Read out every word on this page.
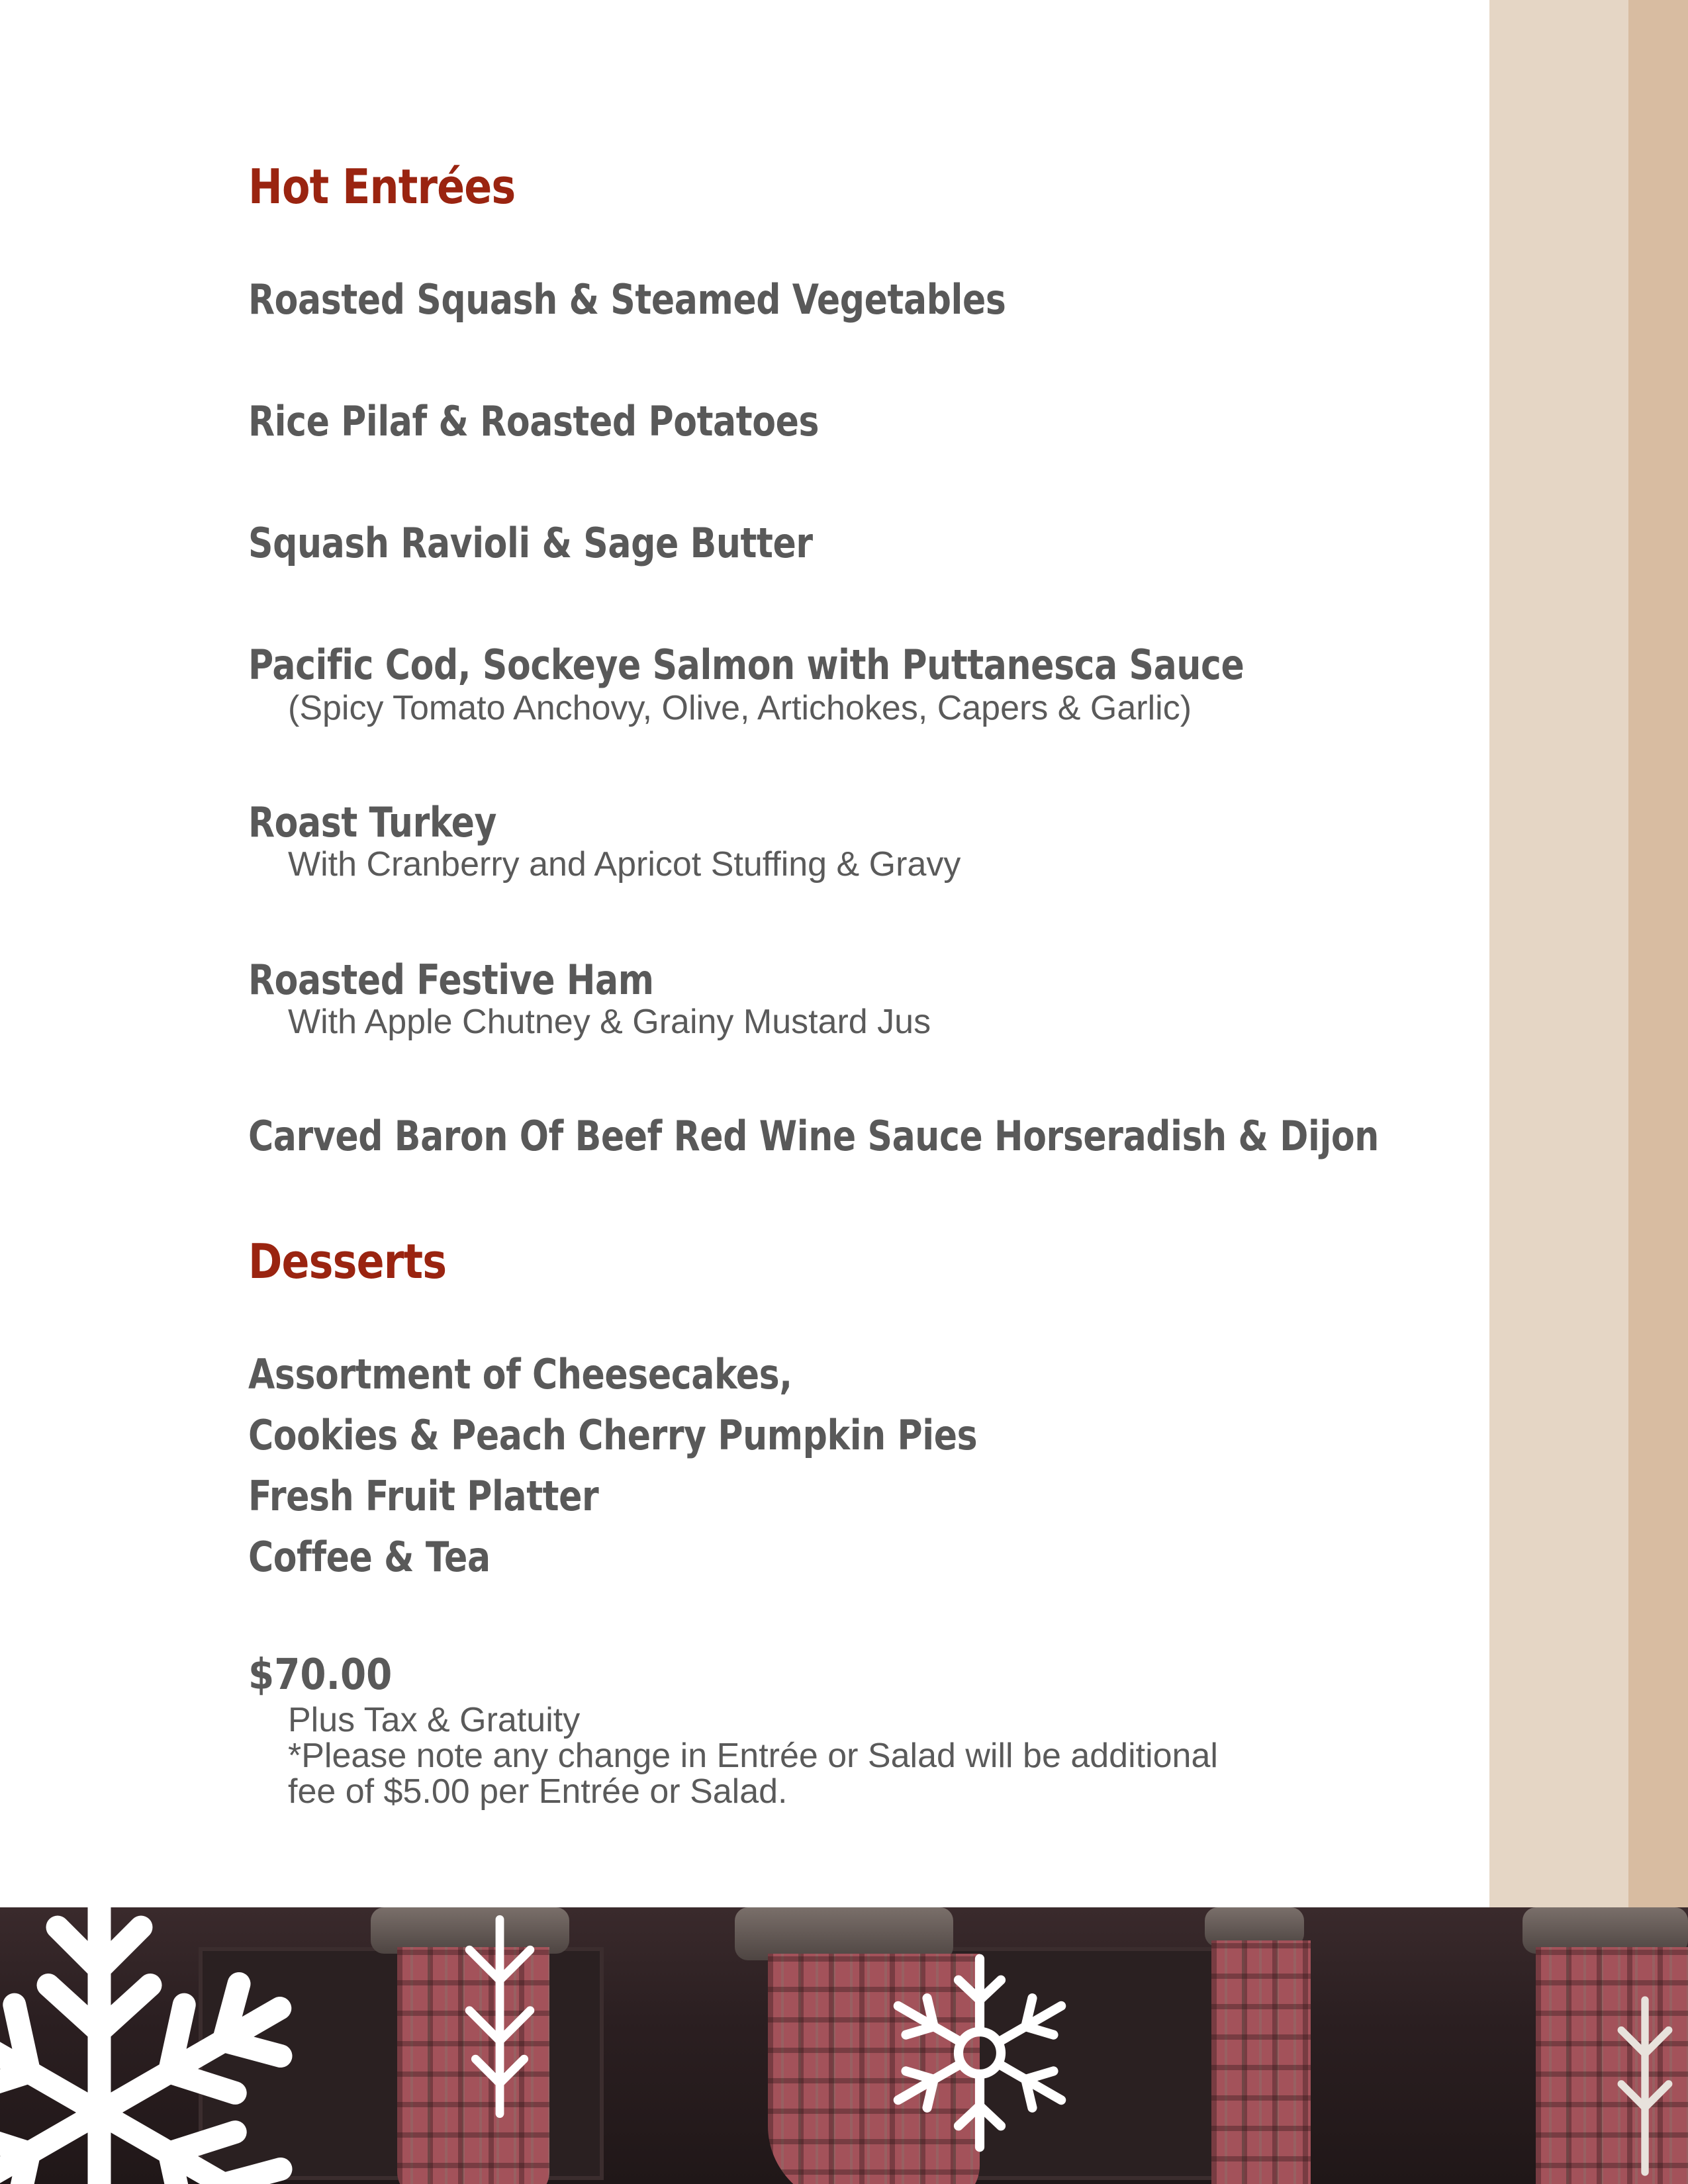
Hot Entrées
Roasted Squash & Steamed Vegetables
Rice Pilaf & Roasted Potatoes
Squash Ravioli & Sage Butter
Pacific Cod, Sockeye Salmon with Puttanesca Sauce
(Spicy Tomato Anchovy, Olive, Artichokes, Capers & Garlic)
Roast Turkey
With Cranberry and Apricot Stuffing & Gravy
Roasted Festive Ham
With Apple Chutney & Grainy Mustard Jus
Carved Baron Of Beef Red Wine Sauce Horseradish & Dijon
Desserts
Assortment of Cheesecakes,
Cookies & Peach Cherry Pumpkin Pies
Fresh Fruit Platter
Coffee & Tea
$70.00
Plus Tax & Gratuity
*Please note any change in Entrée or Salad will be additional
fee of $5.00 per Entrée or Salad.
